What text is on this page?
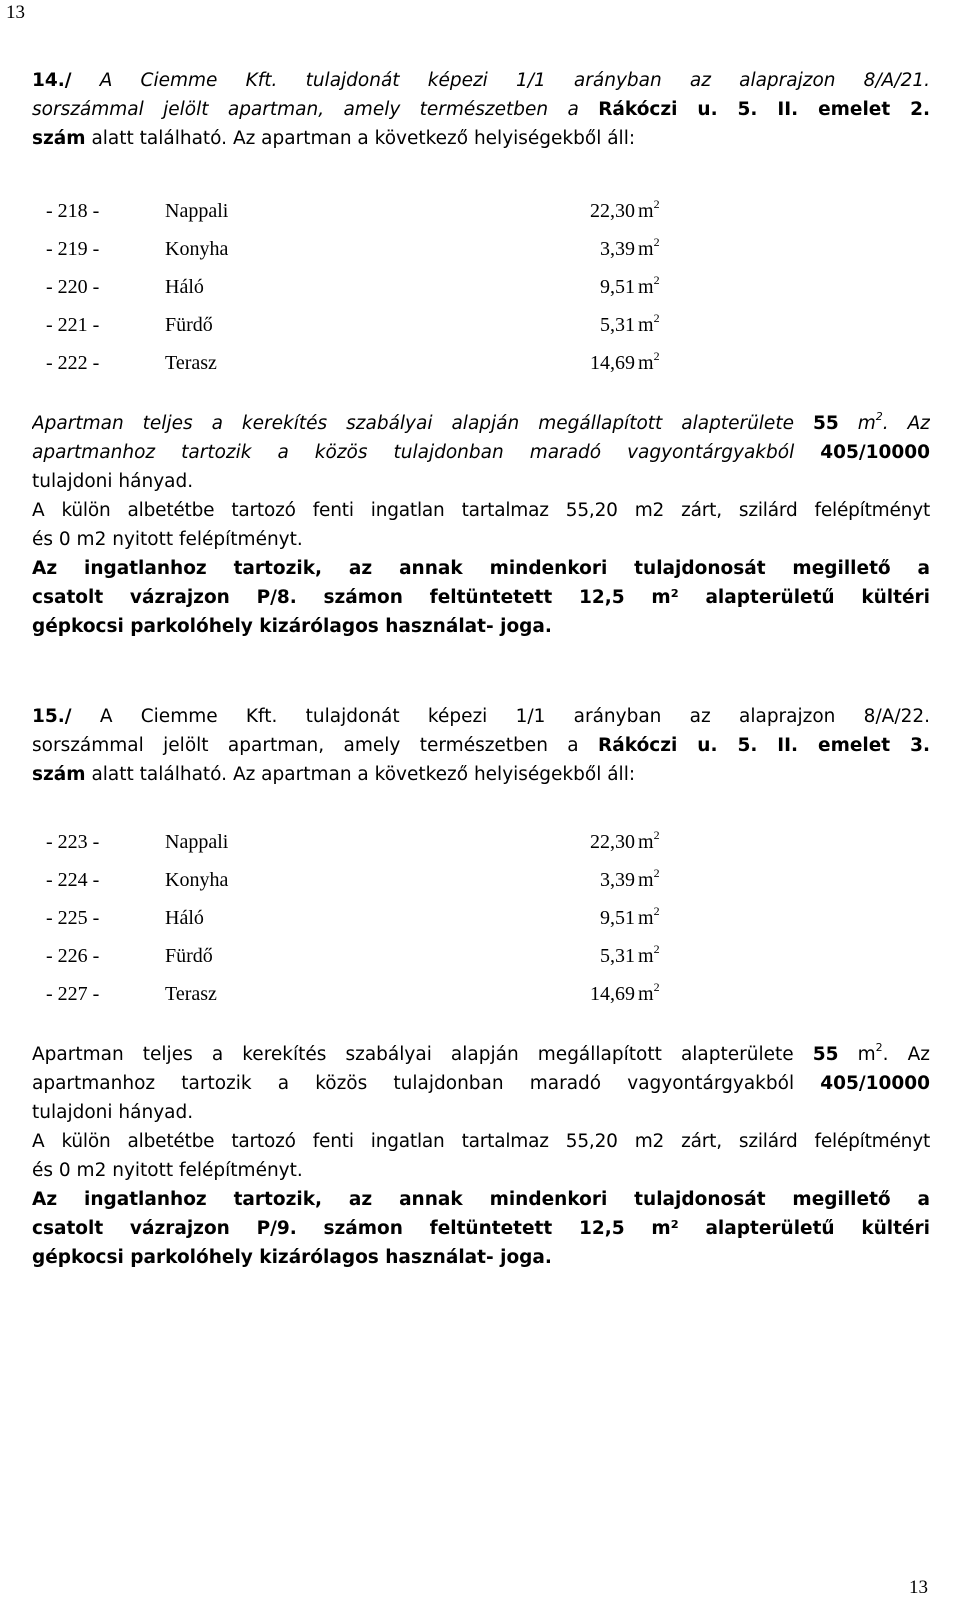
13
14./ A Ciemme Kft. tulajdonát képezi 1/1 arányban az alaprajzon 8/A/21.
sorszámmal jelölt apartman, amely természetben a Rákóczi u. 5. II. emelet 2.
szám alatt található. Az apartman a következő helyiségekből áll:
- 218 -	Nappali	22,30 $m^2$
- 219 -	Konyha	3,39 $m^2$
- 220 -	Háló	9,51 $m^2$
- 221 -	Fürdő	5,31 $m^2$
- 222 -	Terasz	14,69 $m^2$
Apartman teljes a kerekítés szabályai alapján megállapított alapterülete 55 $m^2$. Az
apartmanhoz tartozik a közös tulajdonban maradó vagyontárgyakból 405/10000
tulajdoni hányad.
A külön albetétbe tartozó fenti ingatlan tartalmaz 55,20 m2 zárt, szilárd felépítményt
és 0 m2 nyitott felépítményt.
Az ingatlanhoz tartozik, az annak mindenkori tulajdonosát megillető a
csatolt vázrajzon P/8. számon feltüntetett 12,5 m² alapterületű kültéri
gépkocsi parkolóhely kizárólagos használat- joga.
15./ A Ciemme Kft. tulajdonát képezi 1/1 arányban az alaprajzon 8/A/22.
sorszámmal jelölt apartman, amely természetben a Rákóczi u. 5. II. emelet 3.
szám alatt található. Az apartman a következő helyiségekből áll:
- 223 -	Nappali	22,30 $m^2$
- 224 -	Konyha	3,39 $m^2$
- 225 -	Háló	9,51 $m^2$
- 226 -	Fürdő	5,31 $m^2$
- 227 -	Terasz	14,69 $m^2$
Apartman teljes a kerekítés szabályai alapján megállapított alapterülete 55 $m^2$. Az
apartmanhoz tartozik a közös tulajdonban maradó vagyontárgyakból 405/10000
tulajdoni hányad.
A külön albetétbe tartozó fenti ingatlan tartalmaz 55,20 m2 zárt, szilárd felépítményt
és 0 m2 nyitott felépítményt.
Az ingatlanhoz tartozik, az annak mindenkori tulajdonosát megillető a
csatolt vázrajzon P/9. számon feltüntetett 12,5 m² alapterületű kültéri
gépkocsi parkolóhely kizárólagos használat- joga.
13
